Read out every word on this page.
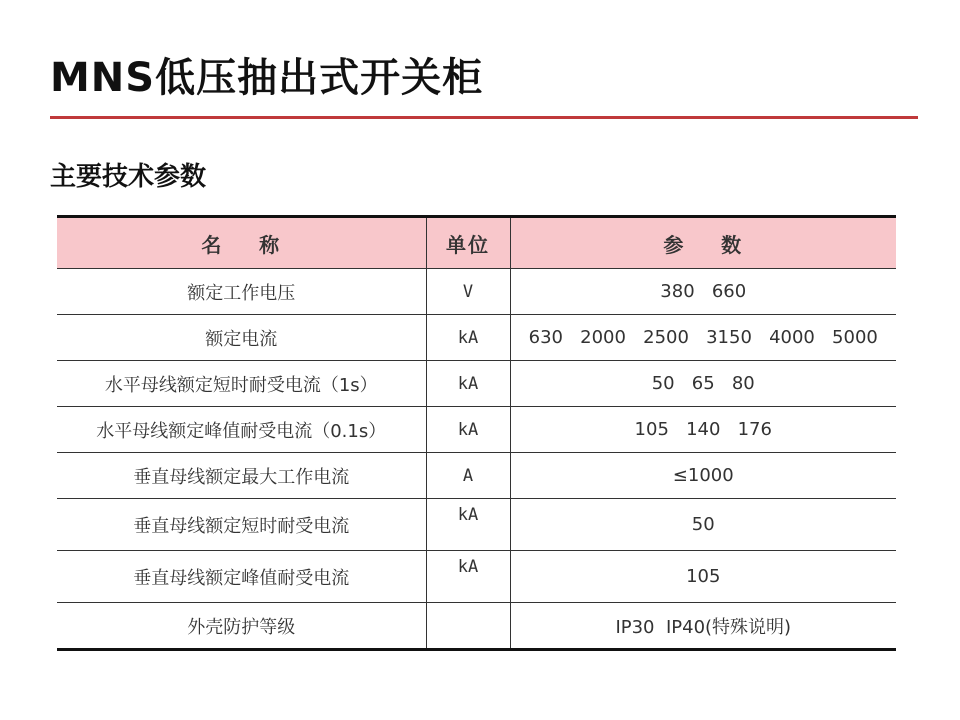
MNS低压抽出式开关柜
主要技术参数
名    称	单位	参    数
额定工作电压	V	380   660
额定电流	kA	630   2000   2500   3150   4000   5000
水平母线额定短时耐受电流（1s）	kA	50   65   80
水平母线额定峰值耐受电流（0.1s）	kA	105   140   176
垂直母线额定最大工作电流	A	≤1000
垂直母线额定短时耐受电流	kA	50
垂直母线额定峰值耐受电流	kA	105
外壳防护等级		IP30  IP40(特殊说明)
